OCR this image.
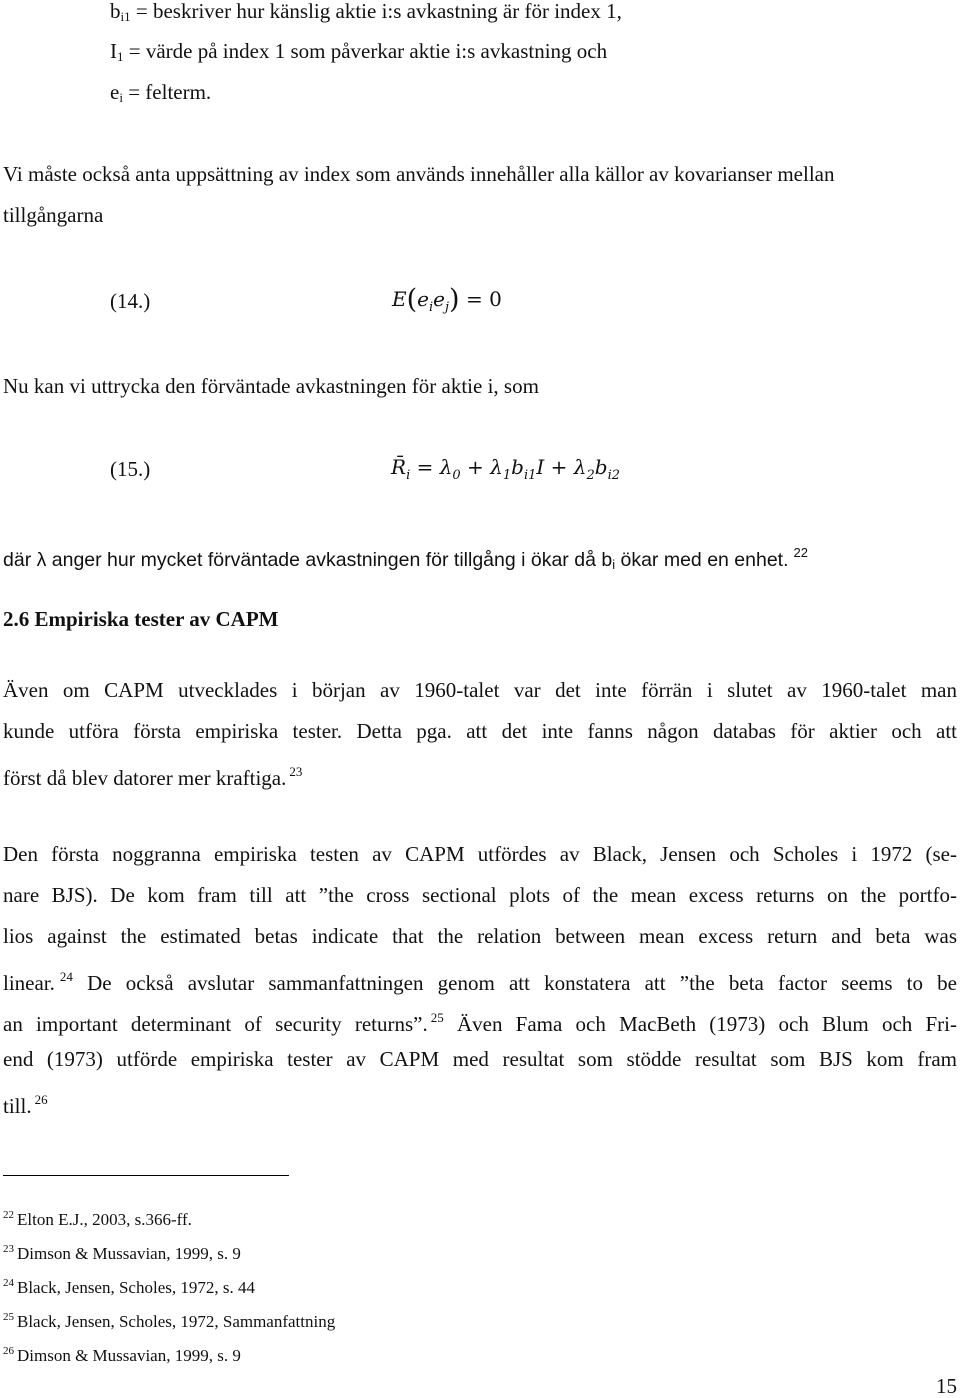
$b_{i1}$ = beskriver hur känslig aktie i:s avkastning är för index 1,
$I_1$ = värde på index 1 som påverkar aktie i:s avkastning och
$e_i$ = felterm.
Vi måste också anta uppsättning av index som används innehåller alla källor av kovarianser mellan
tillgångarna
(14.)	$E(e_ie_j) = 0$
Nu kan vi uttrycka den förväntade avkastningen för aktie i, som
(15.)	$R̄_i = \lambda_0 + \lambda_1b_{i1}I + \lambda_2b_{i2}$
där λ anger hur mycket förväntade avkastningen för tillgång i ökar då $b_i$ ökar med en enhet. $^{22}$
2.6 Empiriska tester av CAPM
Även om CAPM utvecklades i början av 1960-talet var det inte förrän i slutet av 1960-talet man
kunde utföra första empiriska tester. Detta pga. att det inte fanns någon databas för aktier och att
först då blev datorer mer kraftiga. $^{23}$
Den första noggranna empiriska testen av CAPM utfördes av Black, Jensen och Scholes i 1972 (se-
nare BJS). De kom fram till att ”the cross sectional plots of the mean excess returns on the portfo-
lios against the estimated betas indicate that the relation between mean excess return and beta was
linear. $^{24}$ De också avslutar sammanfattningen genom att konstatera att ”the beta factor seems to be
an important determinant of security returns”. $^{25}$ Även Fama och MacBeth (1973) och Blum och Fri-
end (1973) utförde empiriska tester av CAPM med resultat som stödde resultat som BJS kom fram
till. $^{26}$
$^{22}$ Elton E.J., 2003, s.366-ff.
$^{23}$ Dimson & Mussavian, 1999, s. 9
$^{24}$ Black, Jensen, Scholes, 1972, s. 44
$^{25}$ Black, Jensen, Scholes, 1972, Sammanfattning
$^{26}$ Dimson & Mussavian, 1999, s. 9
15
